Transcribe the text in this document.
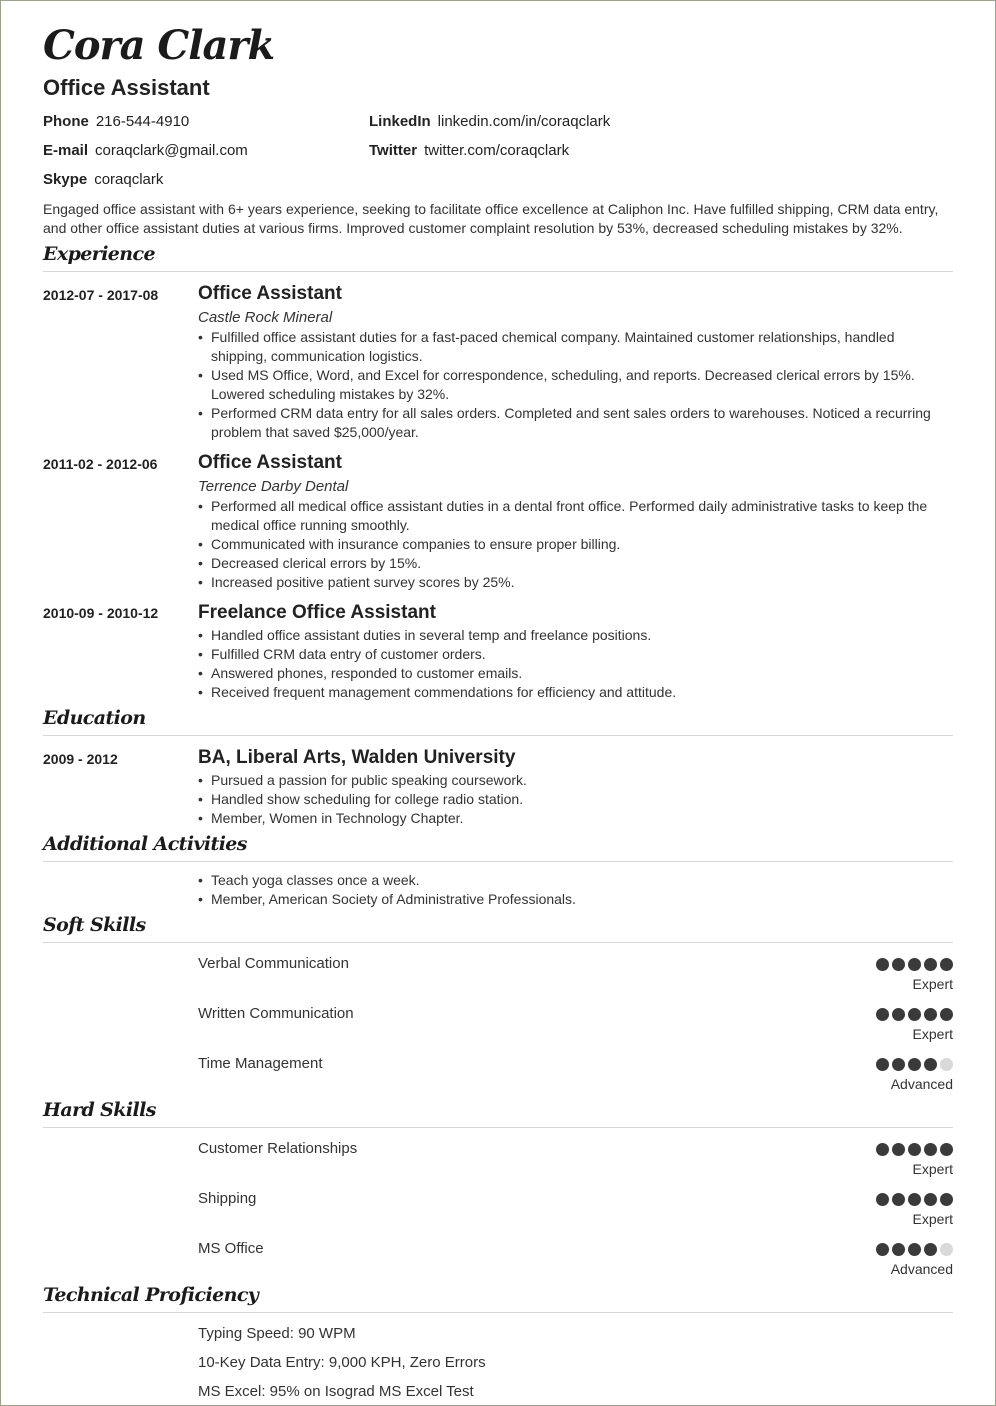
Cora Clark
Office Assistant
Phone 216-544-4910
E-mail coraqclark@gmail.com
Skype coraqclark
LinkedIn linkedin.com/in/coraqclark
Twitter twitter.com/coraqclark
Engaged office assistant with 6+ years experience, seeking to facilitate office excellence at Caliphon Inc. Have fulfilled shipping, CRM data entry, and other office assistant duties at various firms. Improved customer complaint resolution by 53%, decreased scheduling mistakes by 32%.
Experience
2012-07 - 2017-08 Office Assistant
Castle Rock Mineral
• Fulfilled office assistant duties for a fast-paced chemical company. Maintained customer relationships, handled shipping, communication logistics.
• Used MS Office, Word, and Excel for correspondence, scheduling, and reports. Decreased clerical errors by 15%. Lowered scheduling mistakes by 32%.
• Performed CRM data entry for all sales orders. Completed and sent sales orders to warehouses. Noticed a recurring problem that saved $25,000/year.
2011-02 - 2012-06 Office Assistant
Terrence Darby Dental
• Performed all medical office assistant duties in a dental front office. Performed daily administrative tasks to keep the medical office running smoothly.
• Communicated with insurance companies to ensure proper billing.
• Decreased clerical errors by 15%.
• Increased positive patient survey scores by 25%.
2010-09 - 2010-12 Freelance Office Assistant
• Handled office assistant duties in several temp and freelance positions.
• Fulfilled CRM data entry of customer orders.
• Answered phones, responded to customer emails.
• Received frequent management commendations for efficiency and attitude.
Education
2009 - 2012	BA, Liberal Arts, Walden University
• Pursued a passion for public speaking coursework.
• Handled show scheduling for college radio station.
• Member, Women in Technology Chapter.
Additional Activities
• Teach yoga classes once a week.
• Member, American Society of Administrative Professionals.
Soft Skills
Verbal Communication
Expert
Written Communication
Expert
Time Management
Advanced
Hard Skills
Customer Relationships
Expert
Shipping
Expert
MS Office
Advanced
Technical Proficiency
Typing Speed: 90 WPM
10-Key Data Entry: 9,000 KPH, Zero Errors
MS Excel: 95% on Isograd MS Excel Test
